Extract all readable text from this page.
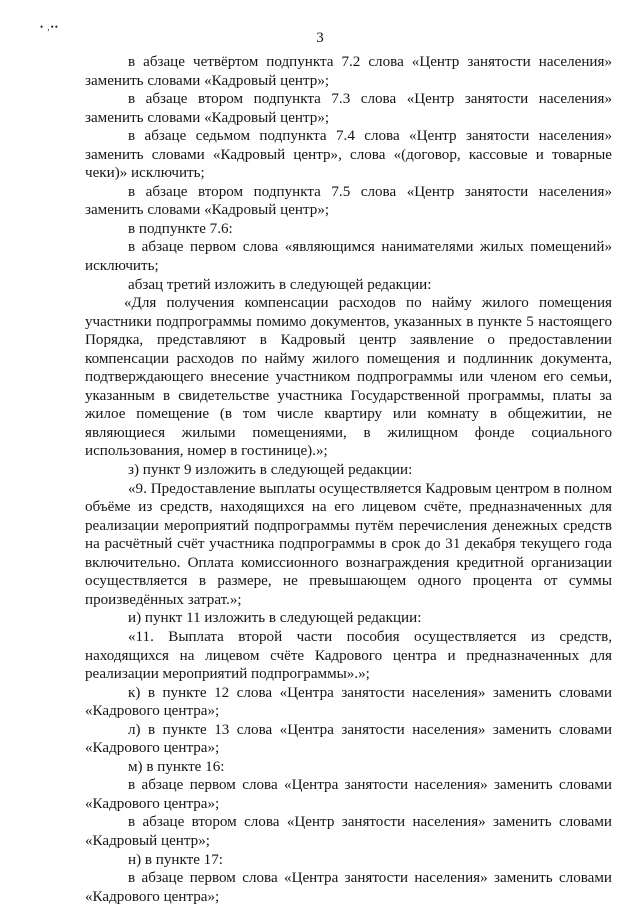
• ,••
3

в абзаце четвёртом подпункта 7.2 слова «Центр занятости населения» заменить словами «Кадровый центр»;

в абзаце втором подпункта 7.3 слова «Центр занятости населения» заменить словами «Кадровый центр»;

в абзаце седьмом подпункта 7.4 слова «Центр занятости населения» заменить словами «Кадровый центр», слова «(договор, кассовые и товарные чеки)» исключить;

в абзаце втором подпункта 7.5 слова «Центр занятости населения» заменить словами «Кадровый центр»;

в подпункте 7.6:

в абзаце первом слова «являющимся нанимателями жилых помещений» исключить;

абзац третий изложить в следующей редакции:

«Для получения компенсации расходов по найму жилого помещения участники подпрограммы помимо документов, указанных в пункте 5 настоящего Порядка, представляют в Кадровый центр заявление о предоставлении компенсации расходов по найму жилого помещения и подлинник документа, подтверждающего внесение участником подпрограммы или членом его семьи, указанным в свидетельстве участника Государственной программы, платы за жилое помещение (в том числе квартиру или комнату в общежитии, не являющиеся жилыми помещениями, в жилищном фонде социального использования, номер в гостинице).»;

з) пункт 9 изложить в следующей редакции:

«9. Предоставление выплаты осуществляется Кадровым центром в полном объёме из средств, находящихся на его лицевом счёте, предназначенных для реализации мероприятий подпрограммы путём перечисления денежных средств на расчётный счёт участника подпрограммы в срок до 31 декабря текущего года включительно. Оплата комиссионного вознаграждения кредитной организации осуществляется в размере, не превышающем одного процента от суммы произведённых затрат.»;

и) пункт 11 изложить в следующей редакции:

«11. Выплата второй части пособия осуществляется из средств, находящихся на лицевом счёте Кадрового центра и предназначенных для реализации мероприятий подпрограммы».»;

к) в пункте 12 слова «Центра занятости населения» заменить словами «Кадрового центра»;

л) в пункте 13 слова «Центра занятости населения» заменить словами «Кадрового центра»;

м) в пункте 16:

в абзаце первом слова «Центра занятости населения» заменить словами «Кадрового центра»;

в абзаце втором слова «Центр занятости населения» заменить словами «Кадровый центр»;

н) в пункте 17:

в абзаце первом слова «Центра занятости населения» заменить словами «Кадрового центра»;
